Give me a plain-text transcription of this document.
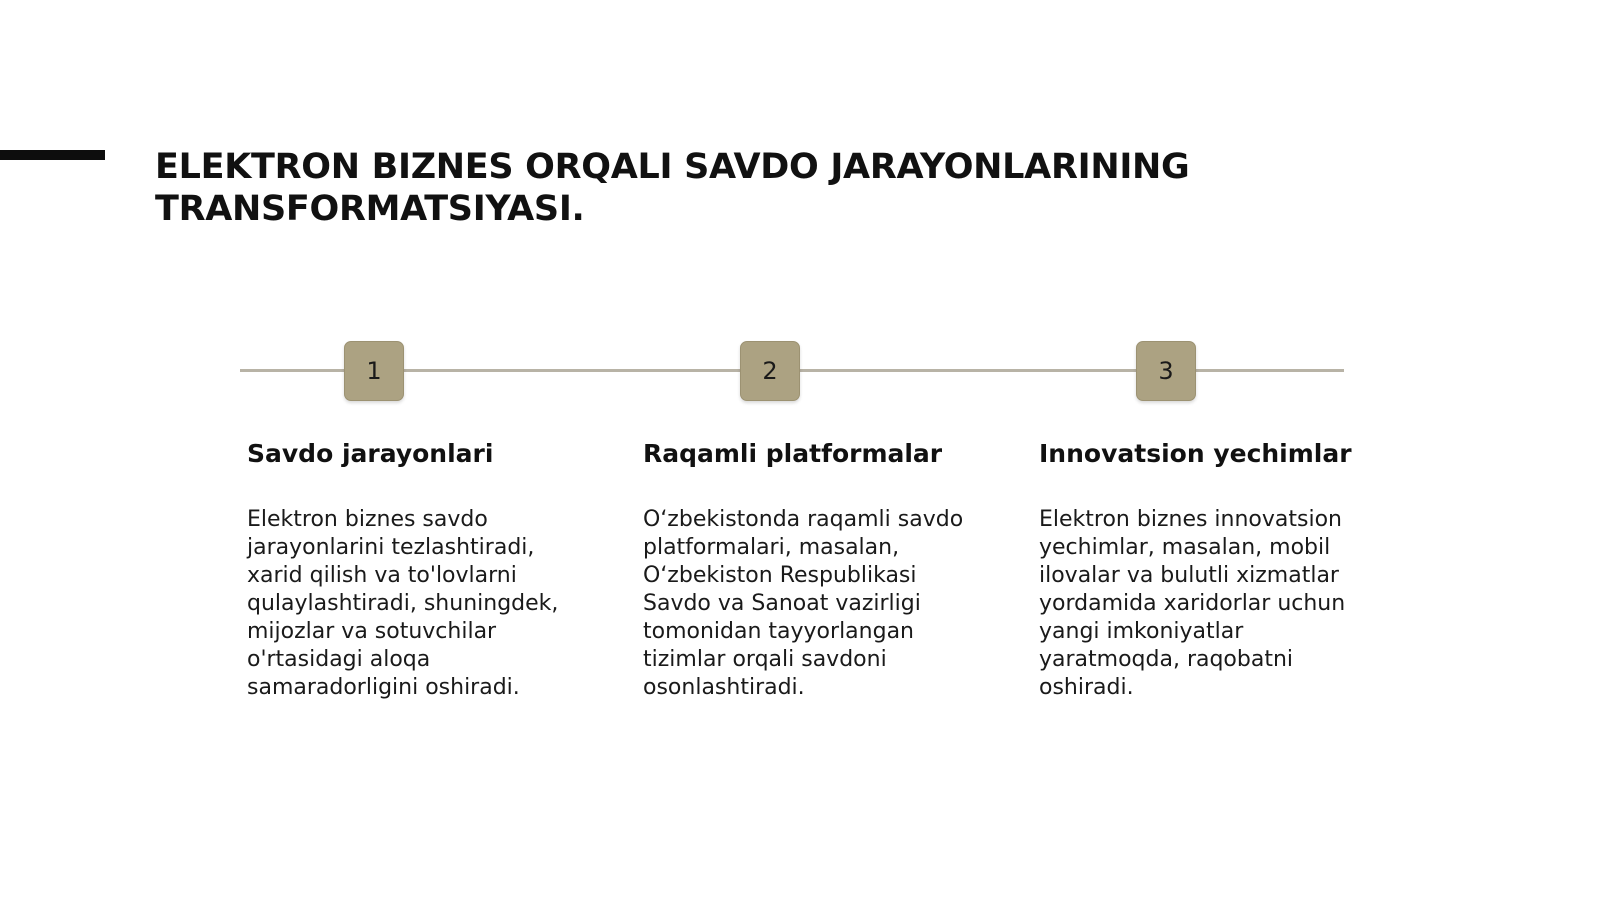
ELEKTRON BIZNES ORQALI SAVDO JARAYONLARINING TRANSFORMATSIYASI.
1	2	3
Savdo jarayonlari

Elektron biznes savdo jarayonlarini tezlashtiradi, xarid qilish va to'lovlarni qulaylashtiradi, shuningdek, mijozlar va sotuvchilar o'rtasidagi aloqa samaradorligini oshiradi.

Raqamli platformalar

O‘zbekistonda raqamli savdo platformalari, masalan, O‘zbekiston Respublikasi Savdo va Sanoat vazirligi tomonidan tayyorlangan tizimlar orqali savdoni osonlashtiradi.

Innovatsion yechimlar

Elektron biznes innovatsion yechimlar, masalan, mobil ilovalar va bulutli xizmatlar yordamida xaridorlar uchun yangi imkoniyatlar yaratmoqda, raqobatni oshiradi.
